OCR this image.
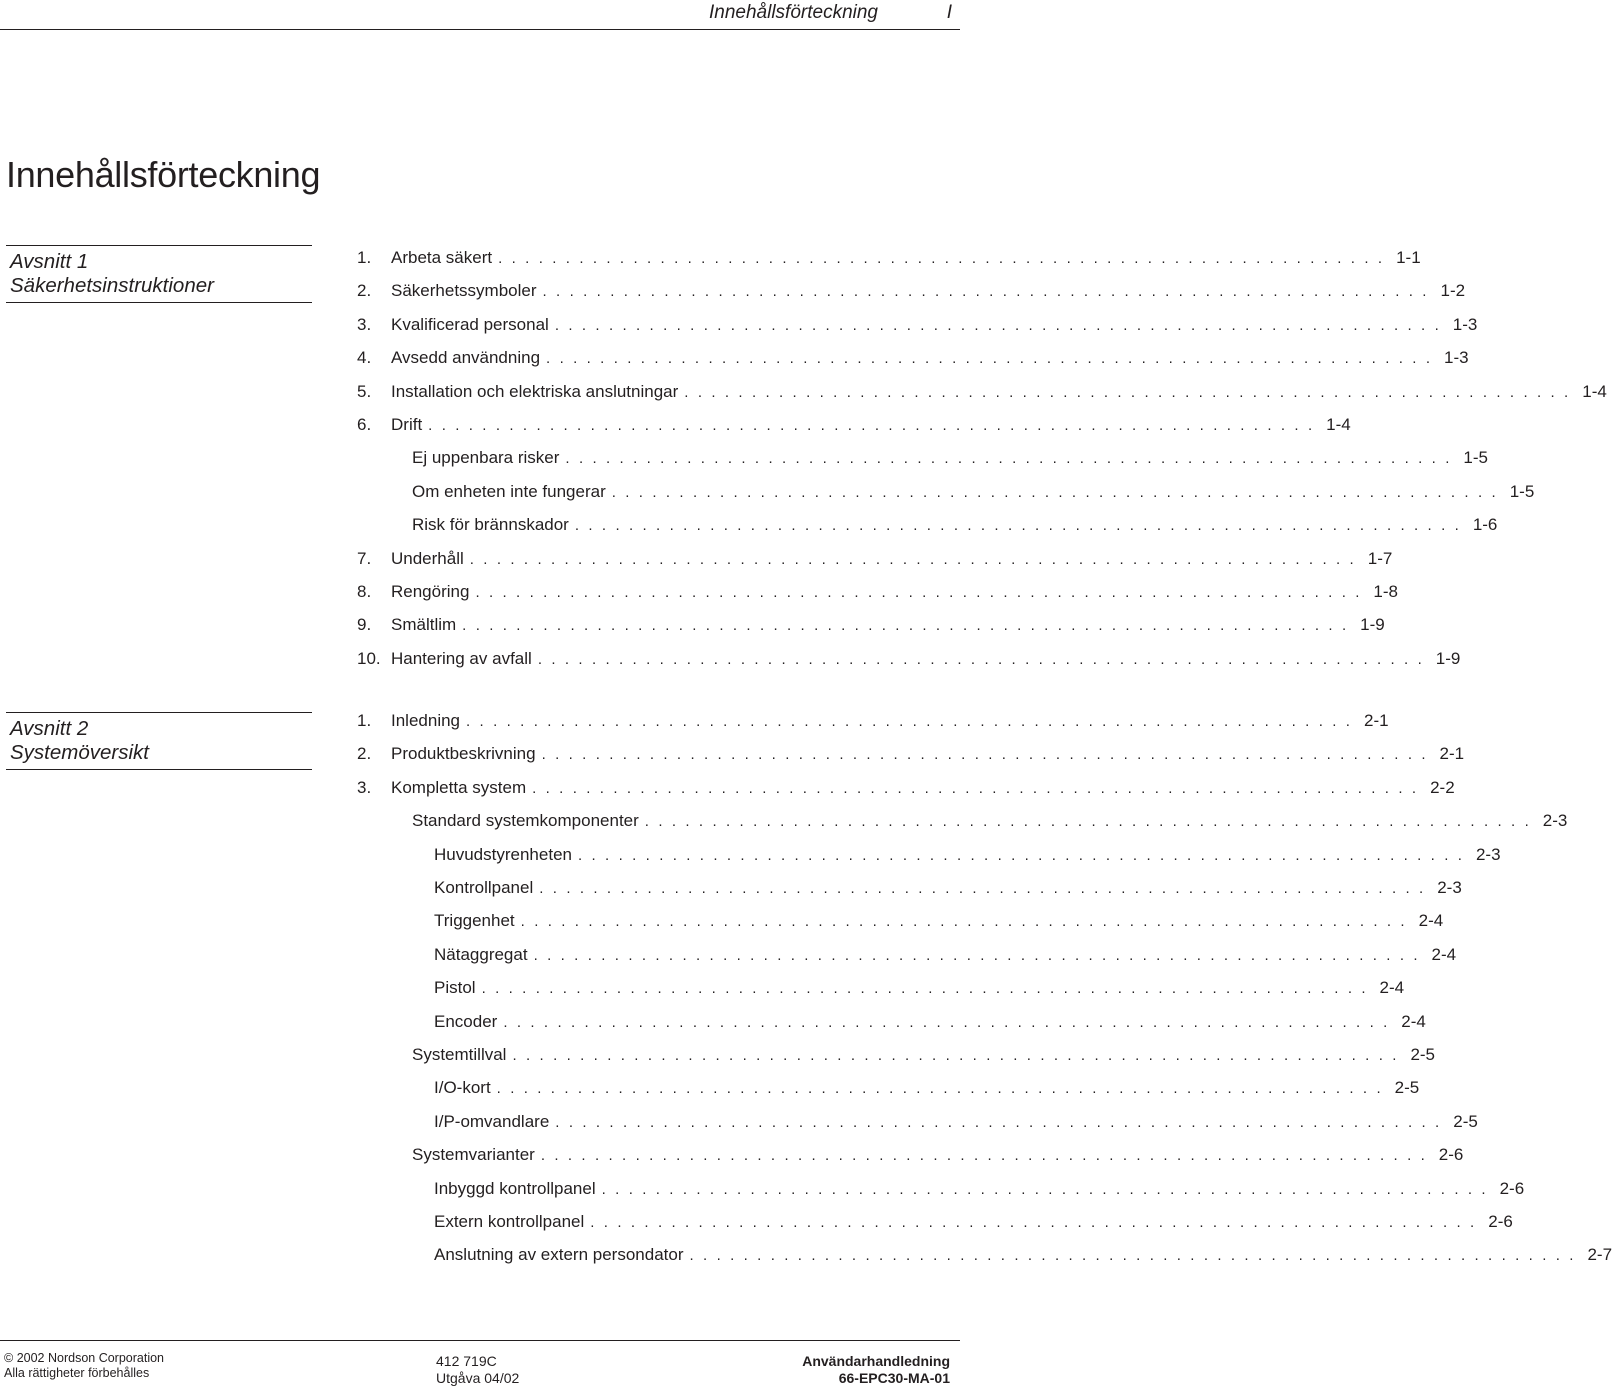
Innehållsförteckning	I
Innehållsförteckning
Avsnitt 1
Säkerhetsinstruktioner
1.	Arbeta säkert . . . . . . . . . . . . . . . . . . . . . . . . . . . . . . . . . . . . . . . . . . . . . . . . . . . . . . . . . . . . . . . . . . 1-1
2.	Säkerhetssymboler . . . . . . . . . . . . . . . . . . . . . . . . . . . . . . . . . . . . . . . . . . . . . . . . . . . . . . . . . . . . . . . . . . 1-2
3.	Kvalificerad personal . . . . . . . . . . . . . . . . . . . . . . . . . . . . . . . . . . . . . . . . . . . . . . . . . . . . . . . . . . . . . . . . . . 1-3
4.	Avsedd användning . . . . . . . . . . . . . . . . . . . . . . . . . . . . . . . . . . . . . . . . . . . . . . . . . . . . . . . . . . . . . . . . . . 1-3
5.	Installation och elektriska anslutningar . . . . . . . . . . . . . . . . . . . . . . . . . . . . . . . . . . . . . . . . . . . . . . . . . . . . . . . . . . . . . . . . . . 1-4
6.	Drift . . . . . . . . . . . . . . . . . . . . . . . . . . . . . . . . . . . . . . . . . . . . . . . . . . . . . . . . . . . . . . . . . . 1-4
Ej uppenbara risker . . . . . . . . . . . . . . . . . . . . . . . . . . . . . . . . . . . . . . . . . . . . . . . . . . . . . . . . . . . . . . . . . . 1-5
Om enheten inte fungerar . . . . . . . . . . . . . . . . . . . . . . . . . . . . . . . . . . . . . . . . . . . . . . . . . . . . . . . . . . . . . . . . . . 1-5
Risk för brännskador . . . . . . . . . . . . . . . . . . . . . . . . . . . . . . . . . . . . . . . . . . . . . . . . . . . . . . . . . . . . . . . . . . 1-6
7.	Underhåll . . . . . . . . . . . . . . . . . . . . . . . . . . . . . . . . . . . . . . . . . . . . . . . . . . . . . . . . . . . . . . . . . . 1-7
8.	Rengöring . . . . . . . . . . . . . . . . . . . . . . . . . . . . . . . . . . . . . . . . . . . . . . . . . . . . . . . . . . . . . . . . . . 1-8
9.	Smältlim . . . . . . . . . . . . . . . . . . . . . . . . . . . . . . . . . . . . . . . . . . . . . . . . . . . . . . . . . . . . . . . . . . 1-9
10. Hantering av avfall . . . . . . . . . . . . . . . . . . . . . . . . . . . . . . . . . . . . . . . . . . . . . . . . . . . . . . . . . . . . . . . . . . 1-9
Avsnitt 2
Systemöversikt
1.	Inledning . . . . . . . . . . . . . . . . . . . . . . . . . . . . . . . . . . . . . . . . . . . . . . . . . . . . . . . . . . . . . . . . . . 2-1
2.	Produktbeskrivning . . . . . . . . . . . . . . . . . . . . . . . . . . . . . . . . . . . . . . . . . . . . . . . . . . . . . . . . . . . . . . . . . . 2-1
3.	Kompletta system . . . . . . . . . . . . . . . . . . . . . . . . . . . . . . . . . . . . . . . . . . . . . . . . . . . . . . . . . . . . . . . . . . 2-2
Standard systemkomponenter . . . . . . . . . . . . . . . . . . . . . . . . . . . . . . . . . . . . . . . . . . . . . . . . . . . . . . . . . . . . . . . . . . 2-3
Huvudstyrenheten . . . . . . . . . . . . . . . . . . . . . . . . . . . . . . . . . . . . . . . . . . . . . . . . . . . . . . . . . . . . . . . . . . 2-3
Kontrollpanel . . . . . . . . . . . . . . . . . . . . . . . . . . . . . . . . . . . . . . . . . . . . . . . . . . . . . . . . . . . . . . . . . . 2-3
Triggenhet . . . . . . . . . . . . . . . . . . . . . . . . . . . . . . . . . . . . . . . . . . . . . . . . . . . . . . . . . . . . . . . . . . 2-4
Nätaggregat . . . . . . . . . . . . . . . . . . . . . . . . . . . . . . . . . . . . . . . . . . . . . . . . . . . . . . . . . . . . . . . . . . 2-4
Pistol . . . . . . . . . . . . . . . . . . . . . . . . . . . . . . . . . . . . . . . . . . . . . . . . . . . . . . . . . . . . . . . . . . 2-4
Encoder . . . . . . . . . . . . . . . . . . . . . . . . . . . . . . . . . . . . . . . . . . . . . . . . . . . . . . . . . . . . . . . . . . 2-4
Systemtillval . . . . . . . . . . . . . . . . . . . . . . . . . . . . . . . . . . . . . . . . . . . . . . . . . . . . . . . . . . . . . . . . . . 2-5
I/O-kort . . . . . . . . . . . . . . . . . . . . . . . . . . . . . . . . . . . . . . . . . . . . . . . . . . . . . . . . . . . . . . . . . . 2-5
I/P-omvandlare . . . . . . . . . . . . . . . . . . . . . . . . . . . . . . . . . . . . . . . . . . . . . . . . . . . . . . . . . . . . . . . . . . 2-5
Systemvarianter . . . . . . . . . . . . . . . . . . . . . . . . . . . . . . . . . . . . . . . . . . . . . . . . . . . . . . . . . . . . . . . . . . 2-6
Inbyggd kontrollpanel . . . . . . . . . . . . . . . . . . . . . . . . . . . . . . . . . . . . . . . . . . . . . . . . . . . . . . . . . . . . . . . . . . 2-6
Extern kontrollpanel . . . . . . . . . . . . . . . . . . . . . . . . . . . . . . . . . . . . . . . . . . . . . . . . . . . . . . . . . . . . . . . . . . 2-6
Anslutning av extern persondator . . . . . . . . . . . . . . . . . . . . . . . . . . . . . . . . . . . . . . . . . . . . . . . . . . . . . . . . . . . . . . . . . . 2-7
© 2002 Nordson Corporation
Alla rättigheter förbehålles
412 719C
Utgåva 04/02
Användarhandledning
66-EPC30-MA-01
